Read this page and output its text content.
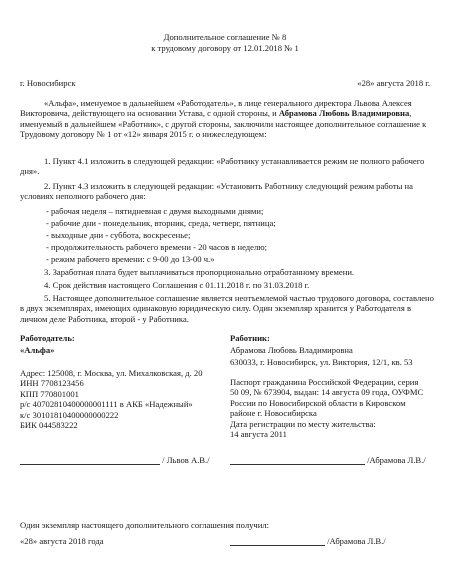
Дополнительное соглашение № 8
к трудовому договору от 12.01.2018 № 1
г. Новосибирск	«28» августа 2018 г.
«Альфа», именуемое в дальнейшем «Работодатель», в лице генерального директора Львова Алексея Викторовича, действующего на основании Устава, с одной стороны, и Абрамова Любовь Владимировна, именуемый в дальнейшем «Работник», с другой стороны, заключили настоящее дополнительное соглашение к Трудовому договору № 1 от «12» января 2015 г. о нижеследующем:
1. Пункт 4.1 изложить в следующей редакции: «Работнику устанавливается режим не полного рабочего дня».
2. Пункт 4.3 изложить в следующей редакции: «Установить Работнику следующий режим работы на условиях неполного рабочего дня:
- рабочая неделя – пятидневная с двумя выходными днями;
- рабочие дни - понедельник, вторник, среда, четверг, пятница;
- выходные дни - суббота, воскресенье;
- продолжительность рабочего времени - 20 часов в неделю;
- режим рабочего времени: с 9-00 до 13-00 ч.»
3. Заработная плата будет выплачиваться пропорционально отработанному времени.
4. Срок действия настоящего Соглашения с 01.11.2018 г. по 31.03.2018 г.
5. Настоящее дополнительное соглашение является неотъемлемой частью трудового договора, составлено в двух экземплярах, имеющих одинаковую юридическую силу. Один экземпляр хранится у Работодателя в личном деле Работника, второй - у Работника.
Работодатель:
«Альфа»
Адрес: 125008, г. Москва, ул. Михалковская, д. 20
ИНН 7708123456
КПП 770801001
р/с 40702810400000001111 в АКБ «Надежный»
к/с 30101810400000000222
БИК 044583222
Работник:
Абрамова Любовь Владимировна
630033, г. Новосибирск, ул. Виктория, 12/1, кв. 53
Паспорт гражданина Российской Федерации, серия
50 09, № 673904, выдан: 14 августа 09 года, ОУФМС
России по Новосибирской области в Кировском
районе г. Новосибирска
Дата регистрации по месту жительства:
14 августа 2011
/ Львов А.В./	/Абрамова Л.В./
Один экземпляр настоящего дополнительного соглашения получил:
«28» августа 2018 года	/Абрамова Л.В./
